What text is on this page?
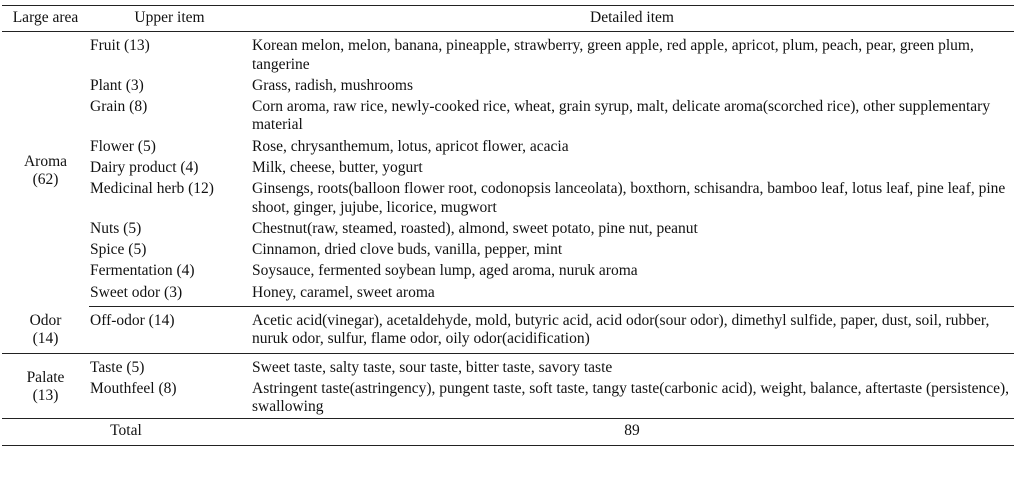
Large area	Upper item	Detailed item

Aroma
(62)	Fruit (13)	Korean melon, melon, banana, pineapple, strawberry, green apple, red apple, apricot, plum, peach, pear, green plum, tangerine
	Plant (3)	Grass, radish, mushrooms
	Grain (8)	Corn aroma, raw rice, newly-cooked rice, wheat, grain syrup, malt, delicate aroma(scorched rice), other supplementary material
	Flower (5)	Rose, chrysanthemum, lotus, apricot flower, acacia
	Dairy product (4)	Milk, cheese, butter, yogurt
	Medicinal herb (12)	Ginsengs, roots(balloon flower root, codonopsis lanceolata), boxthorn, schisandra, bamboo leaf, lotus leaf, pine leaf, pine shoot, ginger, jujube, licorice, mugwort
	Nuts (5)	Chestnut(raw, steamed, roasted), almond, sweet potato, pine nut, peanut
	Spice (5)	Cinnamon, dried clove buds, vanilla, pepper, mint
	Fermentation (4)	Soysauce, fermented soybean lump, aged aroma, nuruk aroma
	Sweet odor (3)	Honey, caramel, sweet aroma

Odor
(14)	Off-odor (14)	Acetic acid(vinegar), acetaldehyde, mold, butyric acid, acid odor(sour odor), dimethyl sulfide, paper, dust, soil, rubber, nuruk odor, sulfur, flame odor, oily odor(acidification)

Palate
(13)	Taste (5)	Sweet taste, salty taste, sour taste, bitter taste, savory taste
	Mouthfeel (8)	Astringent taste(astringency), pungent taste, soft taste, tangy taste(carbonic acid), weight, balance, aftertaste (persistence), swallowing
Total		89
